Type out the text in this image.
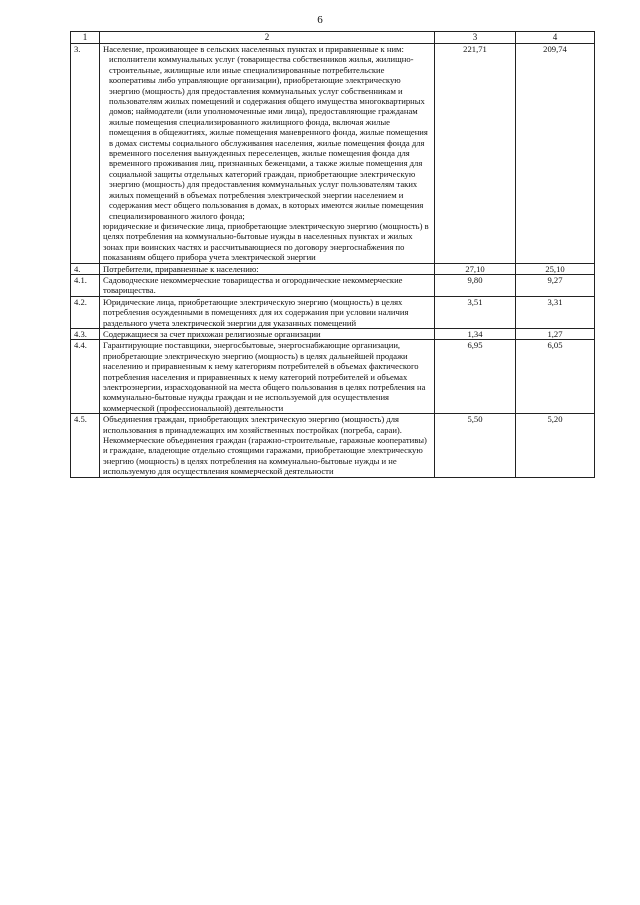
6
1	2	3	4
3.	Население, проживающее в сельских населенных пунктах и приравненные к ним:

исполнители коммунальных услуг (товарищества собственников жилья, жилищно-строительные, жилищные или иные специализированные потребительские кооперативы либо управляющие организации), приобретающие электрическую энергию (мощность) для предоставления коммунальных услуг собственникам и пользователям жилых помещений и содержания общего имущества многоквартирных домов; наймодатели (или уполномоченные ими лица), предоставляющие гражданам жилые помещения специализированного жилищного фонда, включая жилые помещения в общежитиях, жилые помещения маневренного фонда, жилые помещения в домах системы социального обслуживания населения, жилые помещения фонда для временного поселения вынужденных переселенцев, жилые помещения фонда для временного проживания лиц, признанных беженцами, а также жилые помещения для социальной защиты отдельных категорий граждан, приобретающие электрическую энергию (мощность) для предоставления коммунальных услуг пользователям таких жилых помещений в объемах потребления электрической энергии населением и содержания мест общего пользования в домах, в которых имеются жилые помещения специализированного жилого фонда;

юридические и физические лица, приобретающие электрическую энергию (мощность) в целях потребления на коммунально-бытовые нужды в населенных пунктах и жилых зонах при воинских частях и рассчитывающиеся по договору энергоснабжения по показаниям общего прибора учета электрической энергии	221,71	209,74
4.	Потребители, приравненные к населению:	27,10	25,10
4.1.	Садоводческие некоммерческие товарищества и огороднические некоммерческие товарищества.	9,80	9,27
4.2.	Юридические лица, приобретающие электрическую энергию (мощность) в целях потребления осужденными в помещениях для их содержания при условии наличия раздельного учета электрической энергии для указанных помещений	3,51	3,31
4.3.	Содержащиеся за счет прихожан религиозные организации	1,34	1,27
4.4.	Гарантирующие поставщики, энергосбытовые, энергоснабжающие организации, приобретающие электрическую энергию (мощность) в целях дальнейшей продажи населению и приравненным к нему категориям потребителей в объемах фактического потребления населения и приравненных к нему категорий потребителей и объемах электроэнергии, израсходованной на места общего пользования в целях потребления на коммунально-бытовые нужды граждан и не используемой для осуществления коммерческой (профессиональной) деятельности	6,95	6,05
4.5.	Объединения граждан, приобретающих электрическую энергию (мощность) для использования в принадлежащих им хозяйственных постройках (погреба, сараи).

Некоммерческие объединения граждан (гаражно-строительные, гаражные кооперативы) и граждане, владеющие отдельно стоящими гаражами, приобретающие электрическую энергию (мощность) в целях потребления на коммунально-бытовые нужды и не используемую для осуществления коммерческой деятельности	5,50	5,20
